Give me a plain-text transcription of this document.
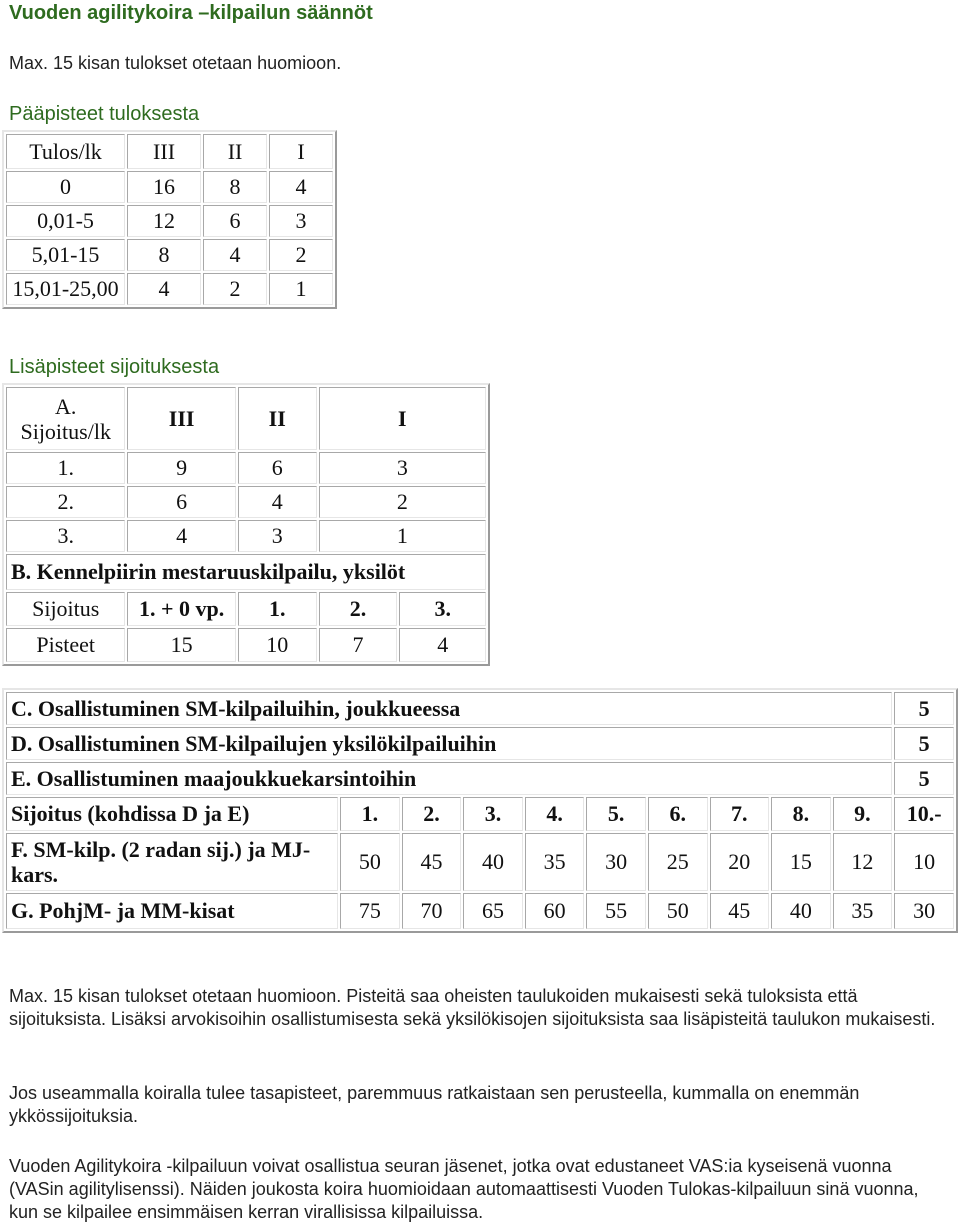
Vuoden agilitykoira –kilpailun säännöt
Max. 15 kisan tulokset otetaan huomioon.
Pääpisteet tuloksesta
Tulos/lk	III	II	I
0	16	8	4
0,01-5	12	6	3
5,01-15	8	4	2
15,01-25,00	4	2	1
Lisäpisteet sijoituksesta
A.
Sijoitus/lk	III	II	I	
1.	9	6	3	
2.	6	4	2	
3.	4	3	1	
B. Kennelpiirin mestaruuskilpailu, yksilöt				
Sijoitus	1. + 0 vp.	1.	2.	3.
Pisteet	15	10	7	4
C. Osallistuminen SM-kilpailuihin, joukkueessa										5
D. Osallistuminen SM-kilpailujen yksilökilpailuihin										5
E. Osallistuminen maajoukkuekarsintoihin										5
Sijoitus (kohdissa D ja E)	1.	2.	3.	4.	5.	6.	7.	8.	9.	10.-
F. SM-kilp. (2 radan sij.) ja MJ-kars.	50	45	40	35	30	25	20	15	12	10
G. PohjM- ja MM-kisat	75	70	65	60	55	50	45	40	35	30

Max. 15 kisan tulokset otetaan huomioon. Pisteitä saa oheisten taulukoiden mukaisesti sekä tuloksista että sijoituksista. Lisäksi arvokisoihin osallistumisesta sekä yksilökisojen sijoituksista saa lisäpisteitä taulukon mukaisesti.

Jos useammalla koiralla tulee tasapisteet, paremmuus ratkaistaan sen perusteella, kummalla on enemmän ykkössijoituksia.

Vuoden Agilitykoira -kilpailuun voivat osallistua seuran jäsenet, jotka ovat edustaneet VAS:ia kyseisenä vuonna (VASin agilitylisenssi). Näiden joukosta koira huomioidaan automaattisesti Vuoden Tulokas-kilpailuun sinä vuonna, kun se kilpailee ensimmäisen kerran virallisissa kilpailuissa.
